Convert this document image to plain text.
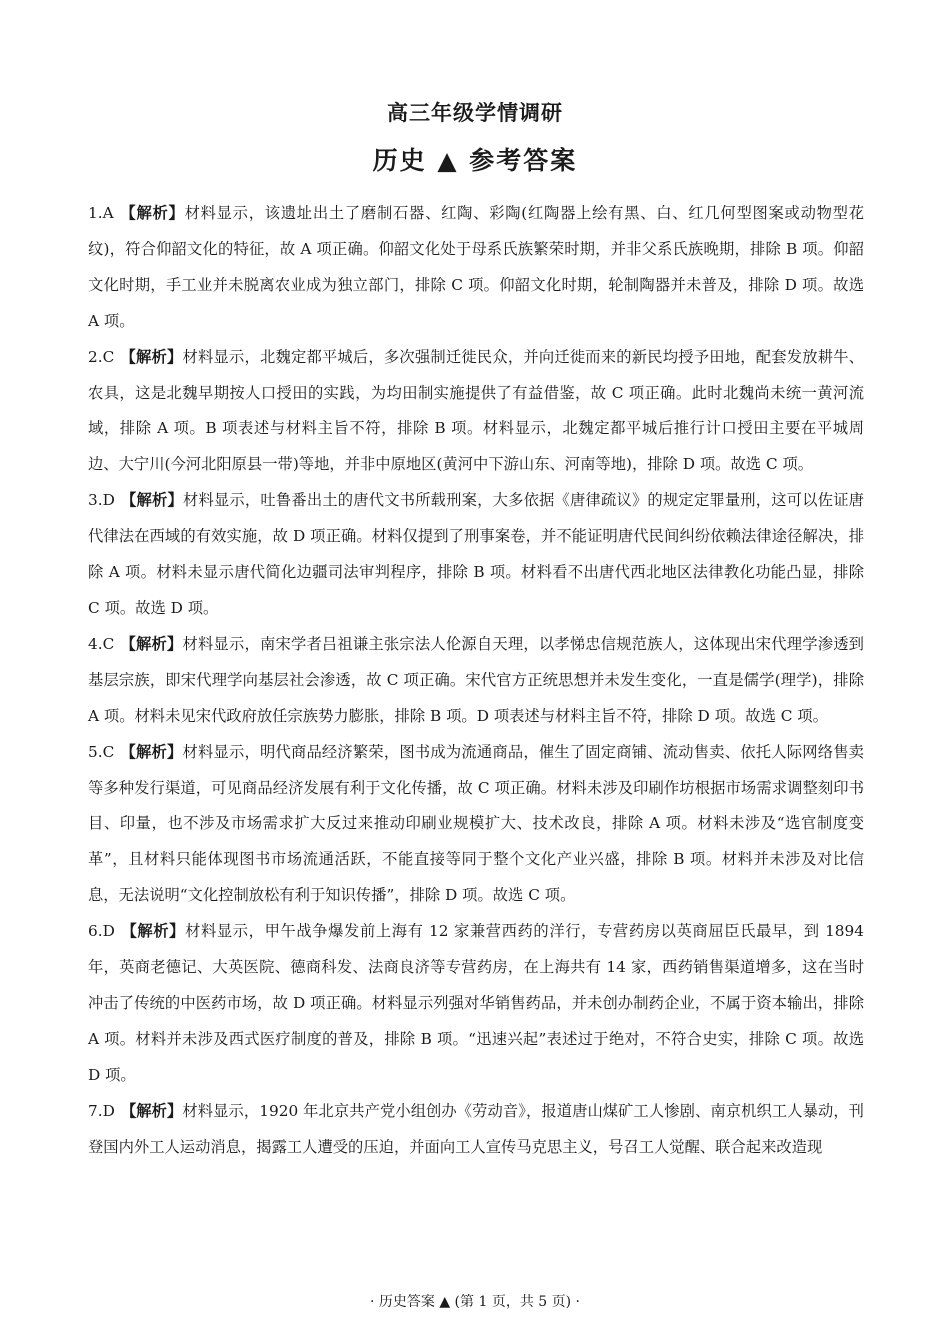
高三年级学情调研
历史 ▲ 参考答案

1.A 【解析】材料显示，该遗址出土了磨制石器、红陶、彩陶(红陶器上绘有黑、白、红几何型图案或动物型花纹)，符合仰韶文化的特征，故 A 项正确。仰韶文化处于母系氏族繁荣时期，并非父系氏族晚期，排除 B 项。仰韶文化时期，手工业并未脱离农业成为独立部门，排除 C 项。仰韶文化时期，轮制陶器并未普及，排除 D 项。故选 A 项。

2.C 【解析】材料显示，北魏定都平城后，多次强制迁徙民众，并向迁徙而来的新民均授予田地，配套发放耕牛、农具，这是北魏早期按人口授田的实践，为均田制实施提供了有益借鉴，故 C 项正确。此时北魏尚未统一黄河流域，排除 A 项。B 项表述与材料主旨不符，排除 B 项。材料显示，北魏定都平城后推行计口授田主要在平城周边、大宁川(今河北阳原县一带)等地，并非中原地区(黄河中下游山东、河南等地)，排除 D 项。故选 C 项。

3.D 【解析】材料显示，吐鲁番出土的唐代文书所载刑案，大多依据《唐律疏议》的规定定罪量刑，这可以佐证唐代律法在西域的有效实施，故 D 项正确。材料仅提到了刑事案卷，并不能证明唐代民间纠纷依赖法律途径解决，排除 A 项。材料未显示唐代简化边疆司法审判程序，排除 B 项。材料看不出唐代西北地区法律教化功能凸显，排除 C 项。故选 D 项。

4.C 【解析】材料显示，南宋学者吕祖谦主张宗法人伦源自天理，以孝悌忠信规范族人，这体现出宋代理学渗透到基层宗族，即宋代理学向基层社会渗透，故 C 项正确。宋代官方正统思想并未发生变化，一直是儒学(理学)，排除 A 项。材料未见宋代政府放任宗族势力膨胀，排除 B 项。D 项表述与材料主旨不符，排除 D 项。故选 C 项。

5.C 【解析】材料显示，明代商品经济繁荣，图书成为流通商品，催生了固定商铺、流动售卖、依托人际网络售卖等多种发行渠道，可见商品经济发展有利于文化传播，故 C 项正确。材料未涉及印刷作坊根据市场需求调整刻印书目、印量，也不涉及市场需求扩大反过来推动印刷业规模扩大、技术改良，排除 A 项。材料未涉及“选官制度变革”，且材料只能体现图书市场流通活跃，不能直接等同于整个文化产业兴盛，排除 B 项。材料并未涉及对比信息，无法说明“文化控制放松有利于知识传播”，排除 D 项。故选 C 项。

6.D 【解析】材料显示，甲午战争爆发前上海有 12 家兼营西药的洋行，专营药房以英商屈臣氏最早，到 1894 年，英商老德记、大英医院、德商科发、法商良济等专营药房，在上海共有 14 家，西药销售渠道增多，这在当时冲击了传统的中医药市场，故 D 项正确。材料显示列强对华销售药品，并未创办制药企业，不属于资本输出，排除 A 项。材料并未涉及西式医疗制度的普及，排除 B 项。“迅速兴起”表述过于绝对，不符合史实，排除 C 项。故选 D 项。

7.D 【解析】材料显示，1920 年北京共产党小组创办《劳动音》，报道唐山煤矿工人惨剧、南京机织工人暴动，刊登国内外工人运动消息，揭露工人遭受的压迫，并面向工人宣传马克思主义，号召工人觉醒、联合起来改造现

· 历史答案 ▲ (第 1 页，共 5 页) ·
